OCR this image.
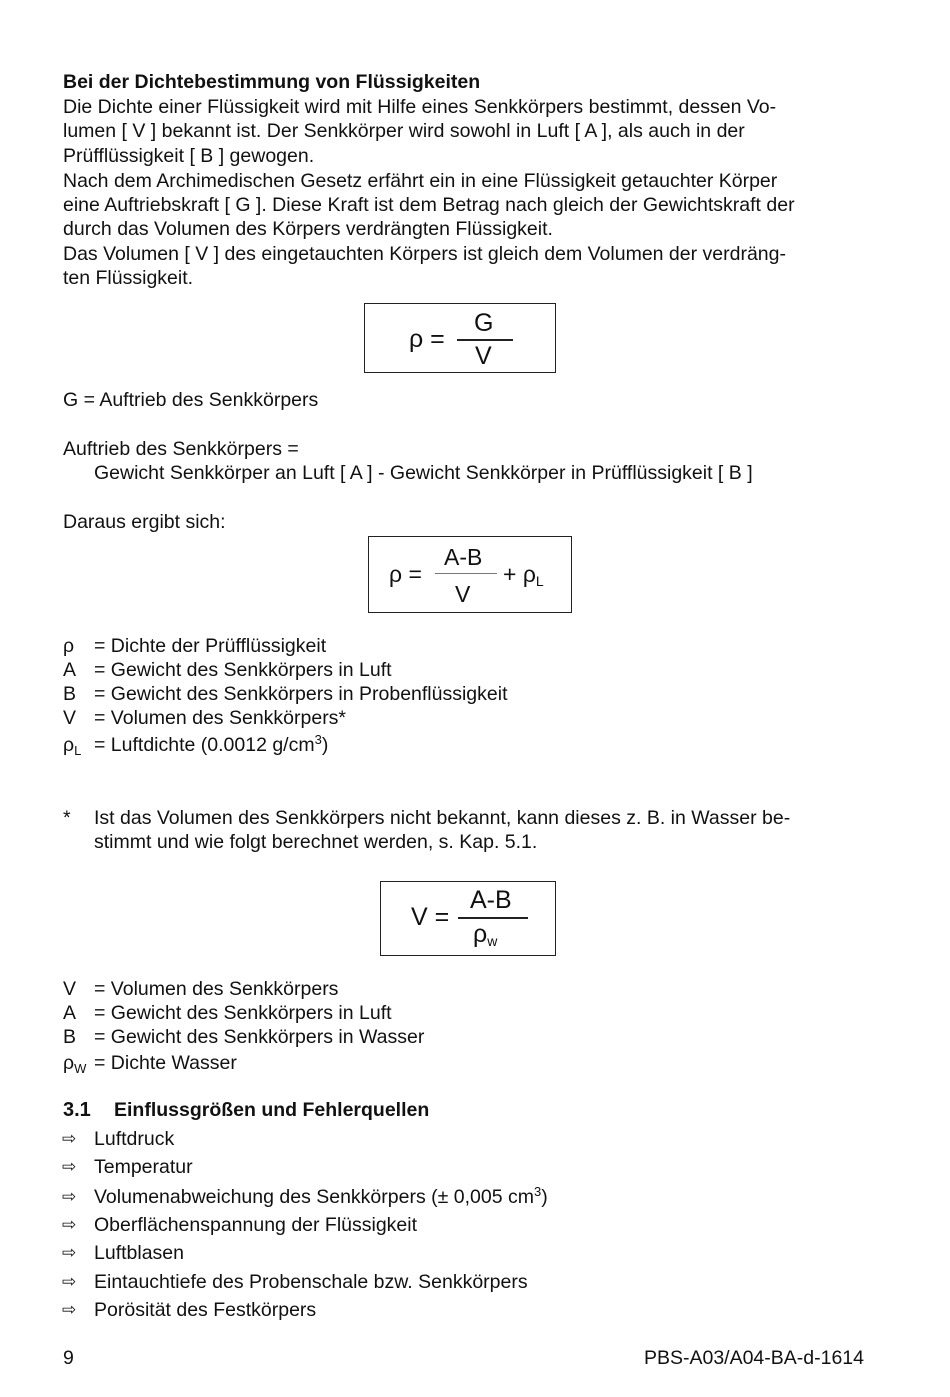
Bei der Dichtebestimmung von Flüssigkeiten
Die Dichte einer Flüssigkeit wird mit Hilfe eines Senkkörpers bestimmt, dessen Vo-
lumen [ V ] bekannt ist. Der Senkkörper wird sowohl in Luft [ A ], als auch in der
Prüfflüssigkeit [ B ] gewogen.
Nach dem Archimedischen Gesetz erfährt ein in eine Flüssigkeit getauchter Körper
eine Auftriebskraft [ G ]. Diese Kraft ist dem Betrag nach gleich der Gewichtskraft der
durch das Volumen des Körpers verdrängten Flüssigkeit.
Das Volumen [ V ] des eingetauchten Körpers ist gleich dem Volumen der verdräng-
ten Flüssigkeit.
ρ =
G
V
G = Auftrieb des Senkkörpers
Auftrieb des Senkkörpers =
Gewicht Senkkörper an Luft [ A ] - Gewicht Senkkörper in Prüfflüssigkeit [ B ]
Daraus ergibt sich:
ρ =
A-B
V
+ $\rho_L$
ρ = Dichte der Prüfflüssigkeit
A = Gewicht des Senkkörpers in Luft
B = Gewicht des Senkkörpers in Probenflüssigkeit
V = Volumen des Senkkörpers*
$\rho_L$ = Luftdichte (0.0012 $g/cm^3$)
* Ist das Volumen des Senkkörpers nicht bekannt, kann dieses z. B. in Wasser be-
stimmt und wie folgt berechnet werden, s. Kap. 5.1.
V =
A-B
$\rho_w$
V = Volumen des Senkkörpers
A = Gewicht des Senkkörpers in Luft
B = Gewicht des Senkkörpers in Wasser
$\rho_W$ = Dichte Wasser
3.1 Einflussgrößen und Fehlerquellen
⇨ Luftdruck
⇨ Temperatur
⇨ Volumenabweichung des Senkkörpers (± 0,005 $cm^3$)
⇨ Oberflächenspannung der Flüssigkeit
⇨ Luftblasen
⇨ Eintauchtiefe des Probenschale bzw. Senkkörpers
⇨ Porösität des Festkörpers
9	PBS-A03/A04-BA-d-1614
